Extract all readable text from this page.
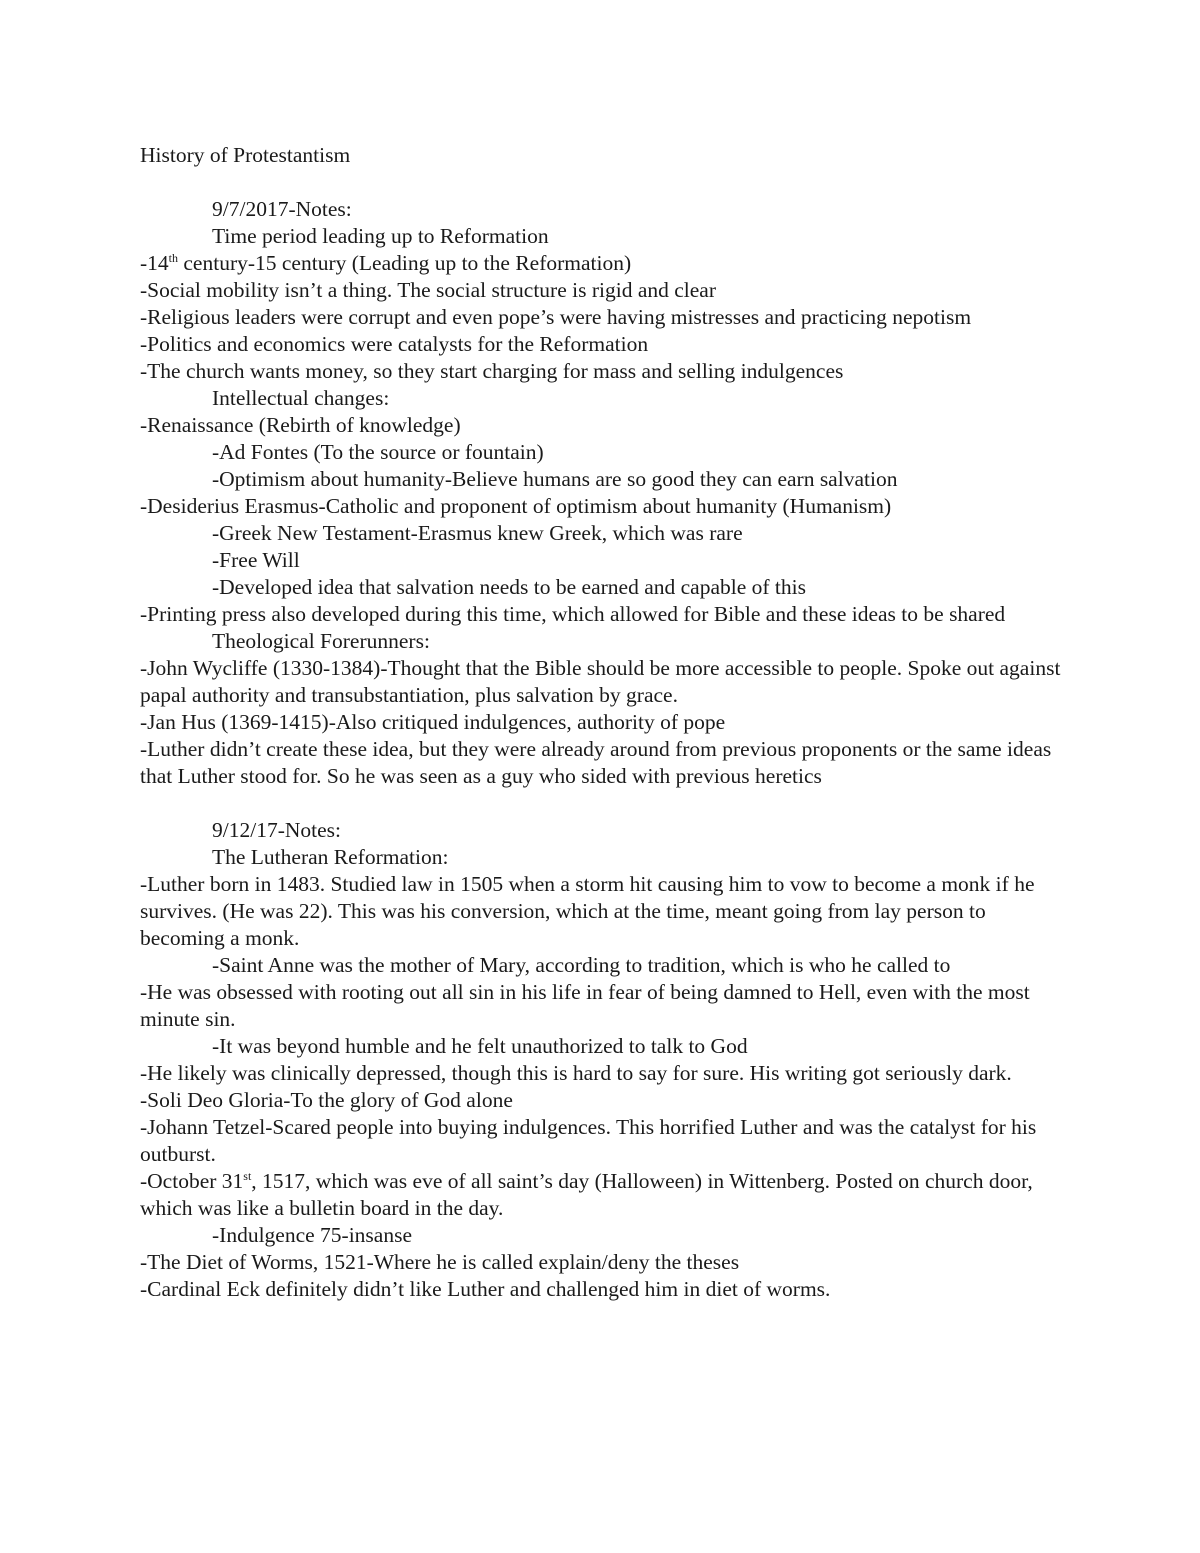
History of Protestantism

9/7/2017-Notes:

Time period leading up to Reformation

-14th century-15 century (Leading up to the Reformation)

-Social mobility isn’t a thing. The social structure is rigid and clear

-Religious leaders were corrupt and even pope’s were having mistresses and practicing nepotism

-Politics and economics were catalysts for the Reformation

-The church wants money, so they start charging for mass and selling indulgences

Intellectual changes:

-Renaissance (Rebirth of knowledge)

-Ad Fontes (To the source or fountain)

-Optimism about humanity-Believe humans are so good they can earn salvation

-Desiderius Erasmus-Catholic and proponent of optimism about humanity (Humanism)

-Greek New Testament-Erasmus knew Greek, which was rare

-Free Will

-Developed idea that salvation needs to be earned and capable of this

-Printing press also developed during this time, which allowed for Bible and these ideas to be shared

Theological Forerunners:

-John Wycliffe (1330-1384)-Thought that the Bible should be more accessible to people. Spoke out against papal authority and transubstantiation, plus salvation by grace.

-Jan Hus (1369-1415)-Also critiqued indulgences, authority of pope

-Luther didn’t create these idea, but they were already around from previous proponents or the same ideas that Luther stood for. So he was seen as a guy who sided with previous heretics

9/12/17-Notes:

The Lutheran Reformation:

-Luther born in 1483. Studied law in 1505 when a storm hit causing him to vow to become a monk if he survives. (He was 22). This was his conversion, which at the time, meant going from lay person to becoming a monk.

-Saint Anne was the mother of Mary, according to tradition, which is who he called to

-He was obsessed with rooting out all sin in his life in fear of being damned to Hell, even with the most minute sin.

-It was beyond humble and he felt unauthorized to talk to God

-He likely was clinically depressed, though this is hard to say for sure. His writing got seriously dark.

-Soli Deo Gloria-To the glory of God alone

-Johann Tetzel-Scared people into buying indulgences. This horrified Luther and was the catalyst for his outburst.

-October 31st, 1517, which was eve of all saint’s day (Halloween) in Wittenberg. Posted on church door, which was like a bulletin board in the day.

-Indulgence 75-insanse

-The Diet of Worms, 1521-Where he is called explain/deny the theses

-Cardinal Eck definitely didn’t like Luther and challenged him in diet of worms.
